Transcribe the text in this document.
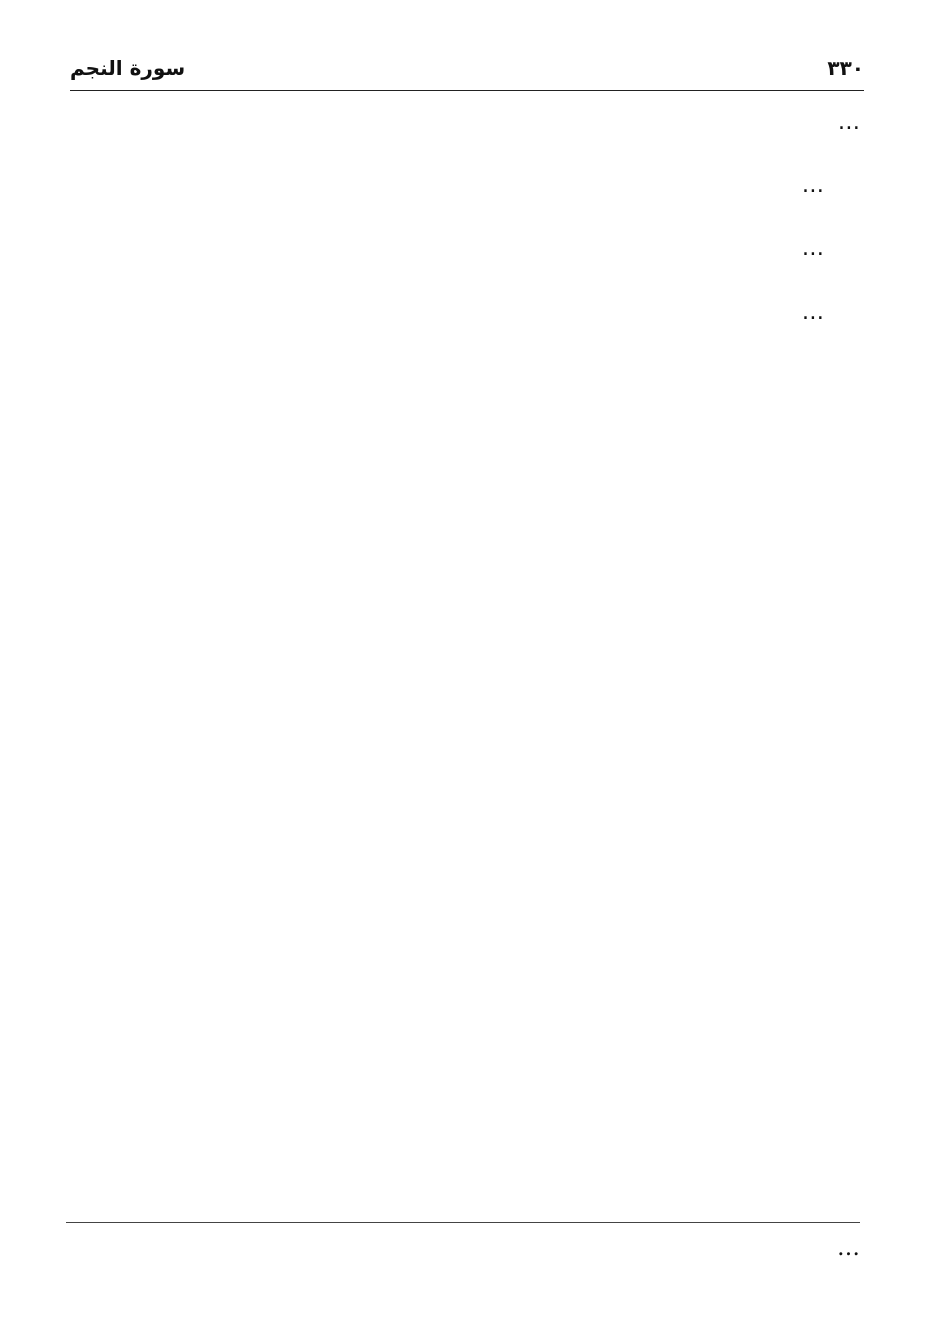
٣٣٠
سورة النجم

…

…

…

…

…
